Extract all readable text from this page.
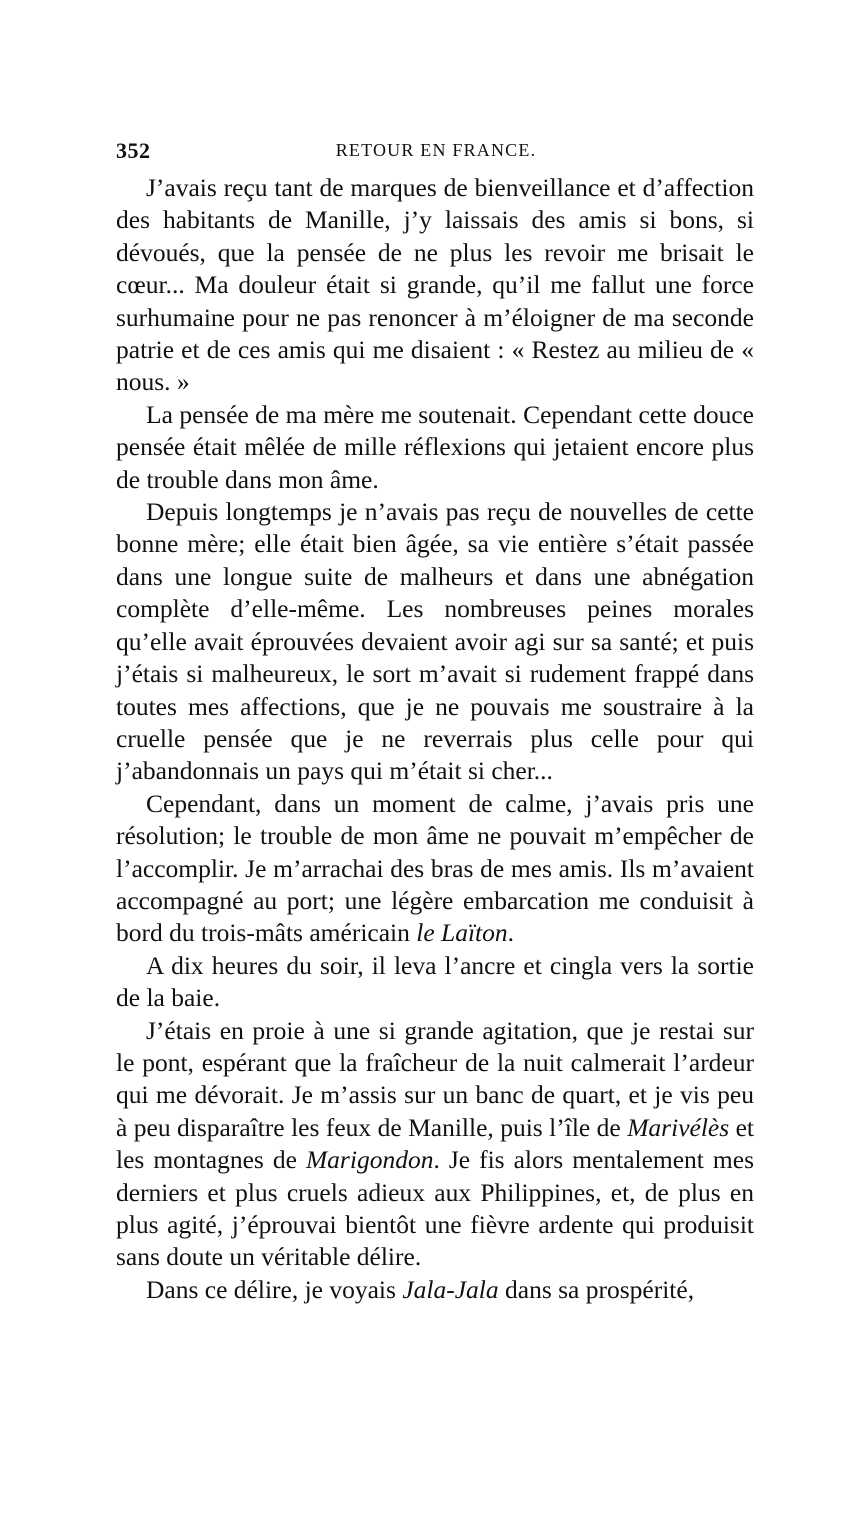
352	RETOUR EN FRANCE.

J’avais reçu tant de marques de bienveillance et d’affection des habitants de Manille, j’y laissais des amis si bons, si dévoués, que la pensée de ne plus les revoir me brisait le cœur... Ma douleur était si grande, qu’il me fallut une force surhumaine pour ne pas renoncer à m’éloigner de ma seconde patrie et de ces amis qui me disaient : « Restez au milieu de « nous. »

La pensée de ma mère me soutenait. Cependant cette douce pensée était mêlée de mille réflexions qui jetaient encore plus de trouble dans mon âme.

Depuis longtemps je n’avais pas reçu de nouvelles de cette bonne mère; elle était bien âgée, sa vie entière s’était passée dans une longue suite de malheurs et dans une abnégation complète d’elle-même. Les nombreuses peines morales qu’elle avait éprouvées devaient avoir agi sur sa santé; et puis j’étais si malheureux, le sort m’avait si rudement frappé dans toutes mes affections, que je ne pouvais me soustraire à la cruelle pensée que je ne reverrais plus celle pour qui j’abandonnais un pays qui m’était si cher...

Cependant, dans un moment de calme, j’avais pris une résolution; le trouble de mon âme ne pouvait m’empêcher de l’accomplir. Je m’arrachai des bras de mes amis. Ils m’avaient accompagné au port; une légère embarcation me conduisit à bord du trois-mâts américain le Laïton.

A dix heures du soir, il leva l’ancre et cingla vers la sortie de la baie.

J’étais en proie à une si grande agitation, que je restai sur le pont, espérant que la fraîcheur de la nuit calmerait l’ardeur qui me dévorait. Je m’assis sur un banc de quart, et je vis peu à peu disparaître les feux de Manille, puis l’île de Marivélès et les montagnes de Marigondon. Je fis alors mentalement mes derniers et plus cruels adieux aux Philippines, et, de plus en plus agité, j’éprouvai bientôt une fièvre ardente qui produisit sans doute un véritable délire.

Dans ce délire, je voyais Jala-Jala dans sa prospérité,
